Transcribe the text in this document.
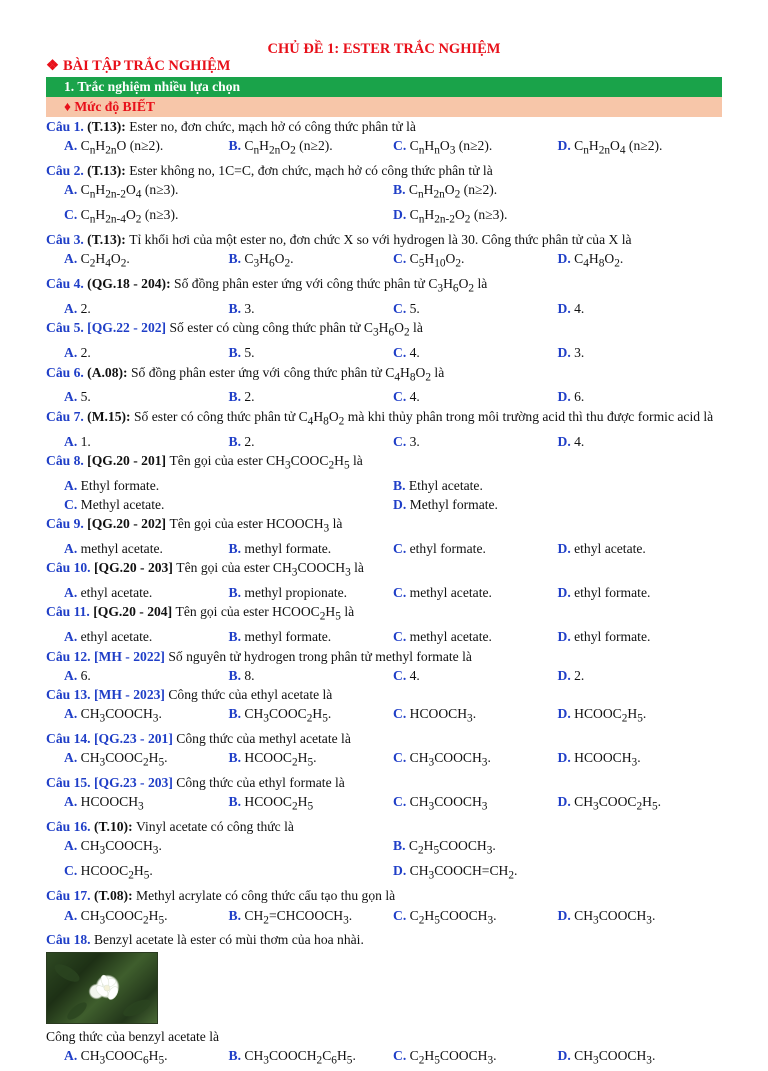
CHỦ ĐỀ 1: ESTER TRẮC NGHIỆM
❖ BÀI TẬP TRẮC NGHIỆM
1. Trắc nghiệm nhiều lựa chọn
♦ Mức độ BIẾT
Câu 1. (T.13): Ester no, đơn chức, mạch hở có công thức phân tử là
A. $C_nH_{2n}O$ (n≥2).	B. $C_nH_{2n}O_2$ (n≥2).	C. $C_nH_nO_3$ (n≥2).	D. $C_nH_{2n}O_4$ (n≥2).
Câu 2. (T.13): Ester không no, 1C=C, đơn chức, mạch hở có công thức phân tử là
A. $C_nH_{2n-2}O_4$ (n≥3).	B. $C_nH_{2n}O_2$ (n≥2).
C. $C_nH_{2n-4}O_2$ (n≥3).	D. $C_nH_{2n-2}O_2$ (n≥3).
Câu 3. (T.13): Tỉ khối hơi của một ester no, đơn chức X so với hydrogen là 30. Công thức phân tử của X là
A. $C_2H_4O_2$.	B. $C_3H_6O_2$.	C. $C_5H_{10}O_2$.	D. $C_4H_8O_2$.
Câu 4. (QG.18 - 204): Số đồng phân ester ứng với công thức phân tử $C_3H_6O_2$ là
A. 2.	B. 3.	C. 5.	D. 4.
Câu 5. [QG.22 - 202] Số ester có cùng công thức phân tử $C_3H_6O_2$ là
A. 2.	B. 5.	C. 4.	D. 3.
Câu 6. (A.08): Số đồng phân ester ứng với công thức phân tử $C_4H_8O_2$ là
A. 5.	B. 2.	C. 4.	D. 6.
Câu 7. (M.15): Số ester có công thức phân tử $C_4H_8O_2$ mà khi thủy phân trong môi trường acid thì thu được formic acid là
A. 1.	B. 2.	C. 3.	D. 4.
Câu 8. [QG.20 - 201] Tên gọi của ester $CH_3COOC_2H_5$ là
A. Ethyl formate.	B. Ethyl acetate.
C. Methyl acetate.	D. Methyl formate.
Câu 9. [QG.20 - 202] Tên gọi của ester $HCOOCH_3$ là
A. methyl acetate.	B. methyl formate.	C. ethyl formate.	D. ethyl acetate.
Câu 10. [QG.20 - 203] Tên gọi của ester $CH_3COOCH_3$ là
A. ethyl acetate.	B. methyl propionate.	C. methyl acetate.	D. ethyl formate.
Câu 11. [QG.20 - 204] Tên gọi của ester $HCOOC_2H_5$ là
A. ethyl acetate.	B. methyl formate.	C. methyl acetate.	D. ethyl formate.
Câu 12. [MH - 2022] Số nguyên tử hydrogen trong phân tử methyl formate là
A. 6.	B. 8.	C. 4.	D. 2.
Câu 13. [MH - 2023] Công thức của ethyl acetate là
A. $CH_3COOCH_3$.	B. $CH_3COOC_2H_5$.	C. $HCOOCH_3$.	D. $HCOOC_2H_5$.
Câu 14. [QG.23 - 201] Công thức của methyl acetate là
A. $CH_3COOC_2H_5$.	B. $HCOOC_2H_5$.	C. $CH_3COOCH_3$.	D. $HCOOCH_3$.
Câu 15. [QG.23 - 203] Công thức của ethyl formate là
A. $HCOOCH_3$	B. $HCOOC_2H_5$	C. $CH_3COOCH_3$	D. $CH_3COOC_2H_5$.
Câu 16. (T.10): Vinyl acetate có công thức là
A. $CH_3COOCH_3$.	B. $C_2H_5COOCH_3$.
C. $HCOOC_2H_5$.	D. $CH_3COOCH=CH_2$.
Câu 17. (T.08): Methyl acrylate có công thức cấu tạo thu gọn là
A. $CH_3COOC_2H_5$.	B. $CH_2=CHCOOCH_3$.	C. $C_2H_5COOCH_3$.	D. $CH_3COOCH_3$.
Câu 18. Benzyl acetate là ester có mùi thơm của hoa nhài.
Công thức của benzyl acetate là
A. $CH_3COOC_6H_5$.	B. $CH_3COOCH_2C_6H_5$.	C. $C_2H_5COOCH_3$.	D. $CH_3COOCH_3$.
